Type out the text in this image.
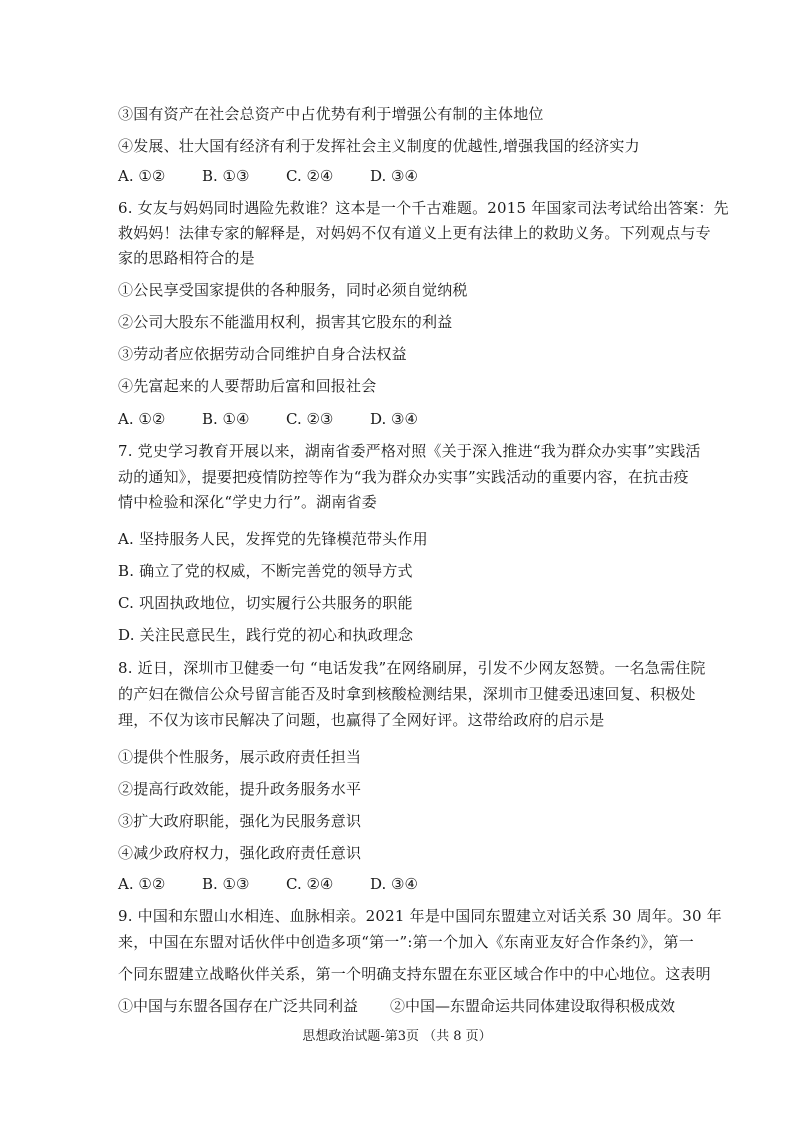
③国有资产在社会总资产中占优势有利于增强公有制的主体地位
④发展、壮大国有经济有利于发挥社会主义制度的优越性,增强我国的经济实力
A. ①② B. ①③ C. ②④ D. ③④
6. 女友与妈妈同时遇险先救谁？这本是一个千古难题。2015 年国家司法考试给出答案：先
救妈妈！法律专家的解释是，对妈妈不仅有道义上更有法律上的救助义务。下列观点与专
家的思路相符合的是
①公民享受国家提供的各种服务，同时必须自觉纳税
②公司大股东不能滥用权利，损害其它股东的利益
③劳动者应依据劳动合同维护自身合法权益
④先富起来的人要帮助后富和回报社会
A. ①② B. ①④ C. ②③ D. ③④
7. 党史学习教育开展以来，湖南省委严格对照《关于深入推进“我为群众办实事”实践活
动的通知》，提要把疫情防控等作为“我为群众办实事”实践活动的重要内容，在抗击疫
情中检验和深化“学史力行”。湖南省委
A. 坚持服务人民，发挥党的先锋模范带头作用
B. 确立了党的权威，不断完善党的领导方式
C. 巩固执政地位，切实履行公共服务的职能
D. 关注民意民生，践行党的初心和执政理念
8. 近日，深圳市卫健委一句 “电话发我”在网络刷屏，引发不少网友怒赞。一名急需住院
的产妇在微信公众号留言能否及时拿到核酸检测结果，深圳市卫健委迅速回复、积极处
理，不仅为该市民解决了问题，也赢得了全网好评。这带给政府的启示是
①提供个性服务，展示政府责任担当
②提高行政效能，提升政务服务水平
③扩大政府职能，强化为民服务意识
④减少政府权力，强化政府责任意识
A. ①② B. ①③ C. ②④ D. ③④
9. 中国和东盟山水相连、血脉相亲。2021 年是中国同东盟建立对话关系 30 周年。30 年
来，中国在东盟对话伙伴中创造多项“第一”:第一个加入《东南亚友好合作条约》，第一
个同东盟建立战略伙伴关系，第一个明确支持东盟在东亚区域合作中的中心地位。这表明
①中国与东盟各国存在广泛共同利益 ②中国—东盟命运共同体建设取得积极成效
思想政治试题-第3页 （共 8 页）
